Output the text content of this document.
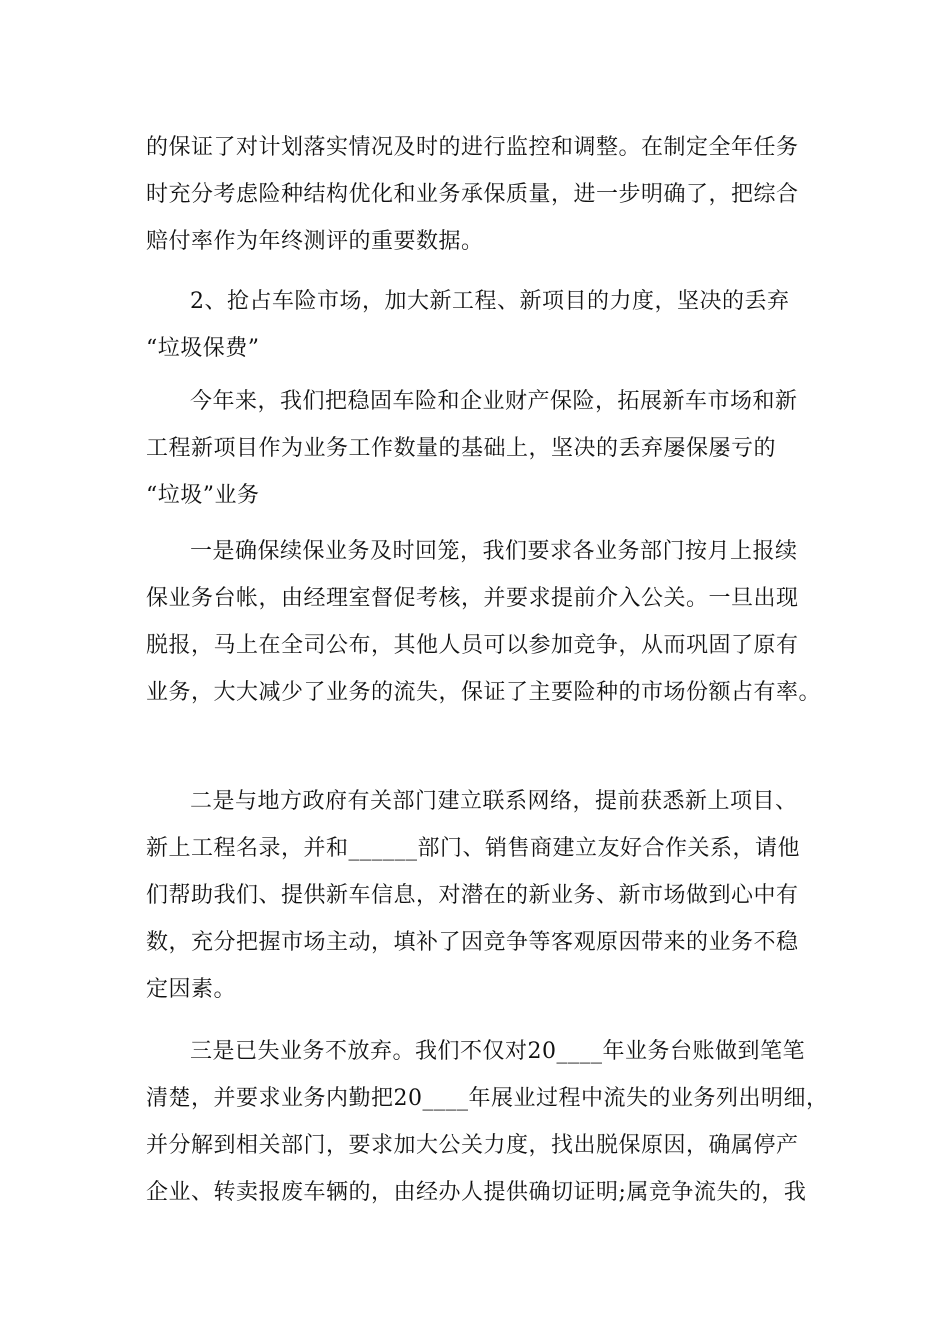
的保证了对计划落实情况及时的进行监控和调整。在制定全年任务

时充分考虑险种结构优化和业务承保质量，进一步明确了，把综合

赔付率作为年终测评的重要数据。

2、抢占车险市场，加大新工程、新项目的力度，坚决的丢弃

“垃圾保费”

今年来，我们把稳固车险和企业财产保险，拓展新车市场和新

工程新项目作为业务工作数量的基础上，坚决的丢弃屡保屡亏的

“垃圾”业务

一是确保续保业务及时回笼，我们要求各业务部门按月上报续

保业务台帐，由经理室督促考核，并要求提前介入公关。一旦出现

脱报，马上在全司公布，其他人员可以参加竞争，从而巩固了原有

业务，大大减少了业务的流失，保证了主要险种的市场份额占有率。

二是与地方政府有关部门建立联系网络，提前获悉新上项目、

新上工程名录，并和______部门、销售商建立友好合作关系，请他

们帮助我们、提供新车信息，对潜在的新业务、新市场做到心中有

数，充分把握市场主动，填补了因竞争等客观原因带来的业务不稳

定因素。

三是已失业务不放弃。我们不仅对20____年业务台账做到笔笔

清楚，并要求业务内勤把20____年展业过程中流失的业务列出明细，

并分解到相关部门，要求加大公关力度，找出脱保原因，确属停产

企业、转卖报废车辆的，由经办人提供确切证明;属竞争流失的，我
